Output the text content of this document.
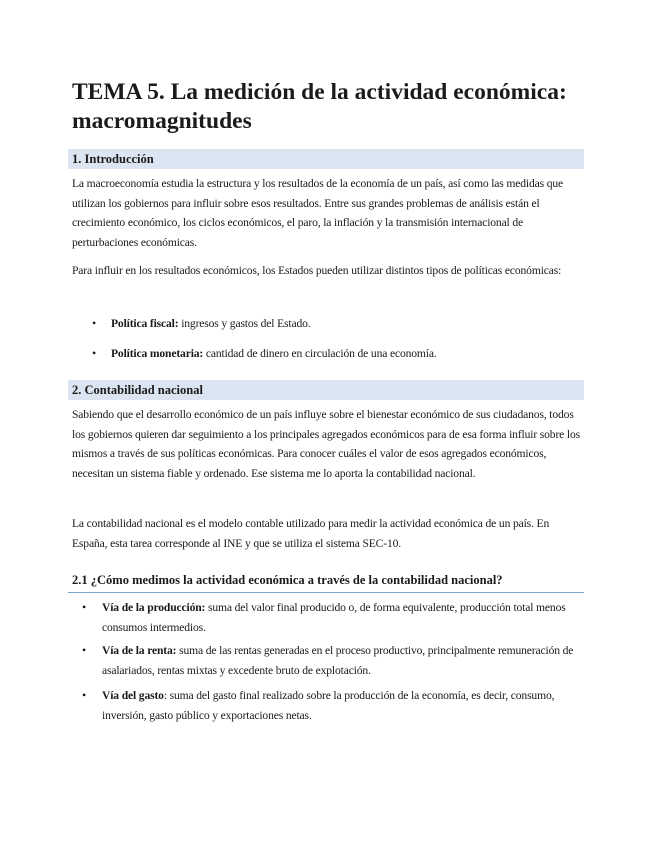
TEMA 5. La medición de la actividad económica: macromagnitudes
1. Introducción

La macroeconomía estudia la estructura y los resultados de la economía de un país, así como las medidas que utilizan los gobiernos para influir sobre esos resultados. Entre sus grandes problemas de análisis están el crecimiento económico, los ciclos económicos, el paro, la inflación y la transmisión internacional de perturbaciones económicas.

Para influir en los resultados económicos, los Estados pueden utilizar distintos tipos de políticas económicas:

• Política fiscal: ingresos y gastos del Estado.
• Política monetaria: cantidad de dinero en circulación de una economía.
2. Contabilidad nacional

Sabiendo que el desarrollo económico de un país influye sobre el bienestar económico de sus ciudadanos, todos los gobiernos quieren dar seguimiento a los principales agregados económicos para de esa forma influir sobre los mismos a través de sus políticas económicas. Para conocer cuáles el valor de esos agregados económicos, necesitan un sistema fiable y ordenado. Ese sistema me lo aporta la contabilidad nacional.

La contabilidad nacional es el modelo contable utilizado para medir la actividad económica de un país. En España, esta tarea corresponde al INE y que se utiliza el sistema SEC-10.

2.1 ¿Cómo medimos la actividad económica a través de la contabilidad nacional?
• Vía de la producción: suma del valor final producido o, de forma equivalente, producción total menos consumos intermedios.
• Vía de la renta: suma de las rentas generadas en el proceso productivo, principalmente remuneración de asalariados, rentas mixtas y excedente bruto de explotación.
• Vía del gasto: suma del gasto final realizado sobre la producción de la economía, es decir, consumo, inversión, gasto público y exportaciones netas.
